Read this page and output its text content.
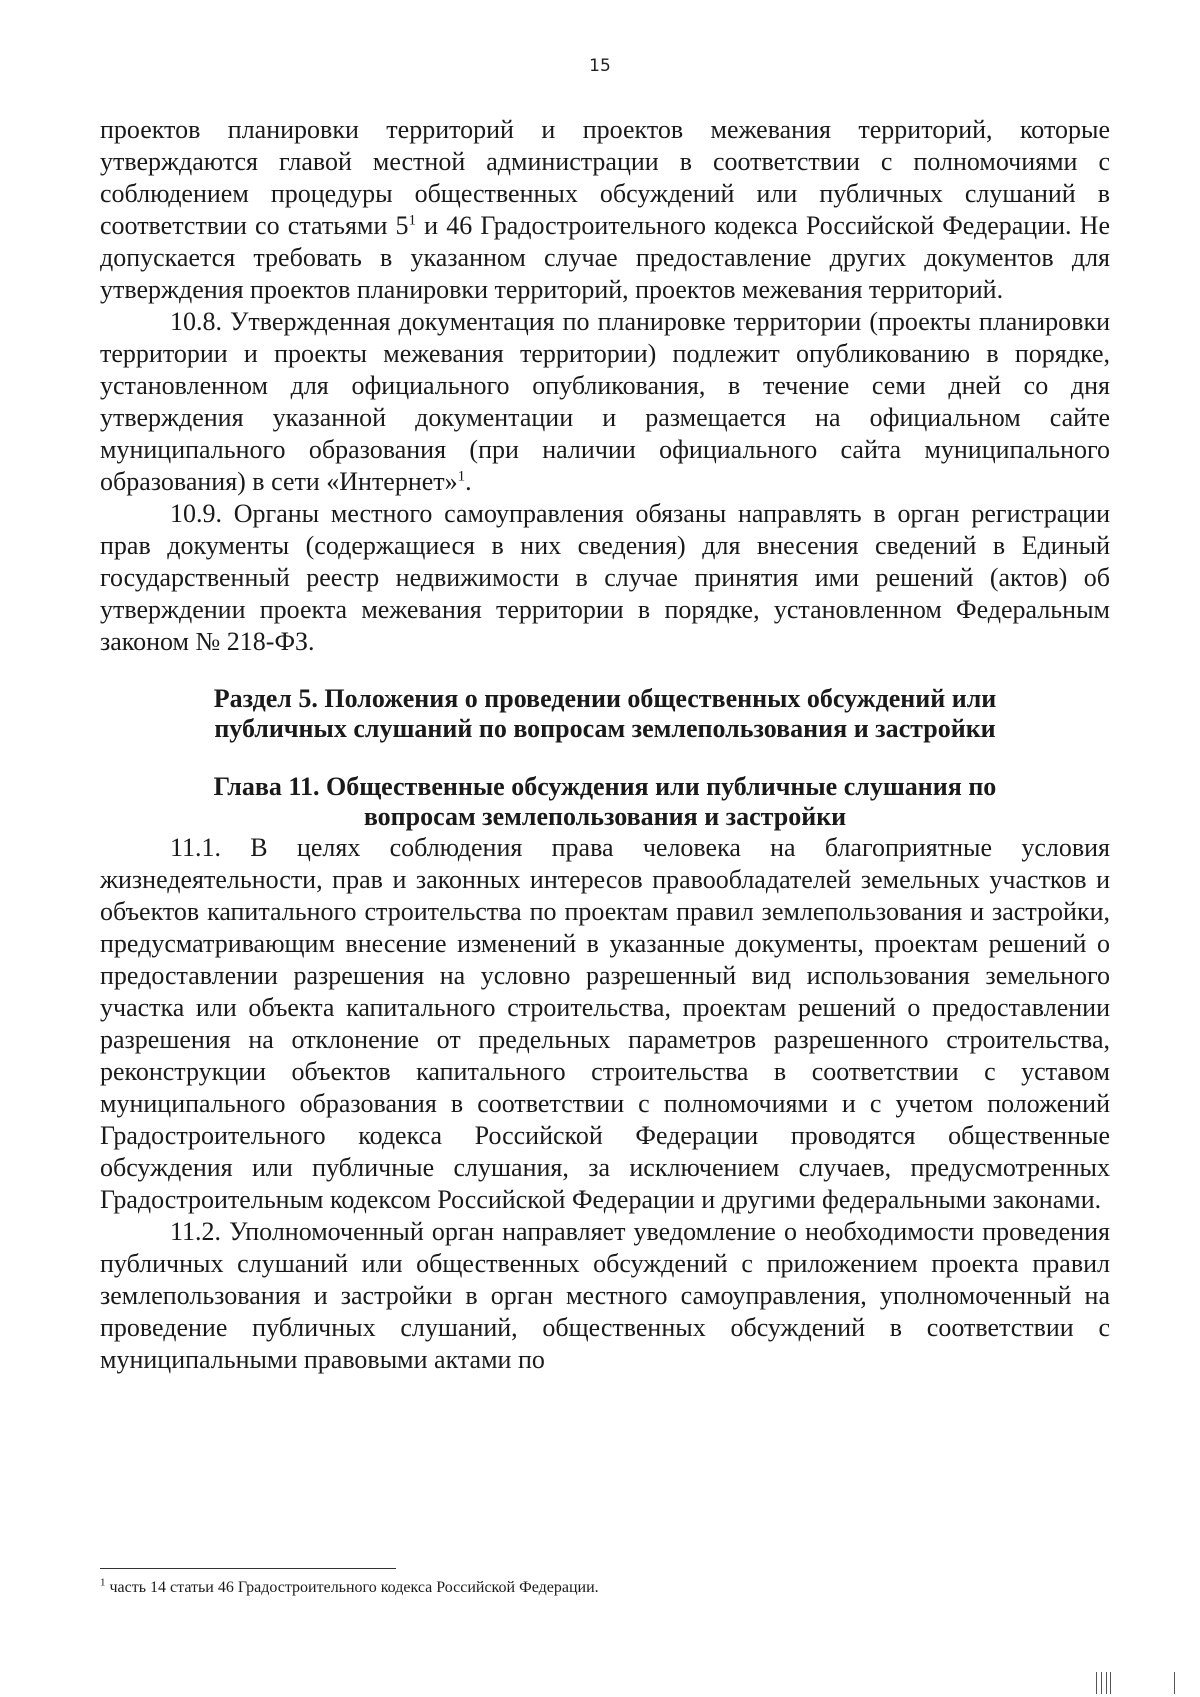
15

проектов планировки территорий и проектов межевания территорий, которые утверждаются главой местной администрации в соответствии с полномочиями с соблюдением процедуры общественных обсуждений или публичных слушаний в соответствии со статьями $5^1$ и 46 Градостроительного кодекса Российской Федерации. Не допускается требовать в указанном случае предоставление других документов для утверждения проектов планировки территорий, проектов межевания территорий.

10.8. Утвержденная документация по планировке территории (проекты планировки территории и проекты межевания территории) подлежит опубликованию в порядке, установленном для официального опубликования, в течение семи дней со дня утверждения указанной документации и размещается на официальном сайте муниципального образования (при наличии официального сайта муниципального образования) в сети «Интернет»$^1$.

10.9. Органы местного самоуправления обязаны направлять в орган регистрации прав документы (содержащиеся в них сведения) для внесения сведений в Единый государственный реестр недвижимости в случае принятия ими решений (актов) об утверждении проекта межевания территории в порядке, установленном Федеральным законом № 218-ФЗ.

Раздел 5. Положения о проведении общественных обсуждений или
публичных слушаний по вопросам землепользования и застройки
Глава 11. Общественные обсуждения или публичные слушания по
вопросам землепользования и застройки

11.1. В целях соблюдения права человека на благоприятные условия жизнедеятельности, прав и законных интересов правообладателей земельных участков и объектов капитального строительства по проектам правил землепользования и застройки, предусматривающим внесение изменений в указанные документы, проектам решений о предоставлении разрешения на условно разрешенный вид использования земельного участка или объекта капитального строительства, проектам решений о предоставлении разрешения на отклонение от предельных параметров разрешенного строительства, реконструкции объектов капитального строительства в соответствии с уставом муниципального образования в соответствии с полномочиями и с учетом положений Градостроительного кодекса Российской Федерации проводятся общественные обсуждения или публичные слушания, за исключением случаев, предусмотренных Градостроительным кодексом Российской Федерации и другими федеральными законами.

11.2. Уполномоченный орган направляет уведомление о необходимости проведения публичных слушаний или общественных обсуждений с приложением проекта правил землепользования и застройки в орган местного самоуправления, уполномоченный на проведение публичных слушаний, общественных обсуждений в соответствии с муниципальными правовыми актами по

$^1$ часть 14 статьи 46 Градостроительного кодекса Российской Федерации.
